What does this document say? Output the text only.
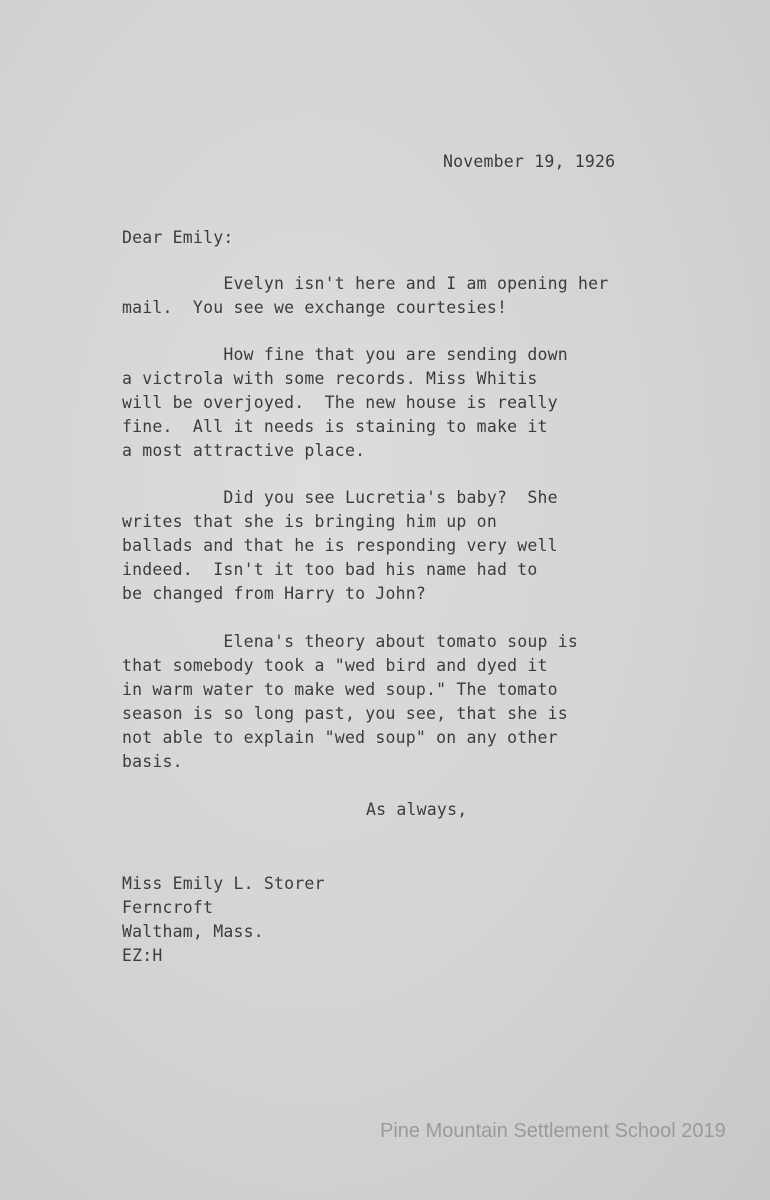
November 19, 1926
Dear Emily:
Evelyn isn't here and I am opening her
mail.  You see we exchange courtesies!
How fine that you are sending down
a victrola with some records. Miss Whitis
will be overjoyed.  The new house is really
fine.  All it needs is staining to make it
a most attractive place.
Did you see Lucretia's baby?  She
writes that she is bringing him up on
ballads and that he is responding very well
indeed.  Isn't it too bad his name had to
be changed from Harry to John?
Elena's theory about tomato soup is
that somebody took a "wed bird and dyed it
in warm water to make wed soup." The tomato
season is so long past, you see, that she is
not able to explain "wed soup" on any other
basis.
As always,
Miss Emily L. Storer
Ferncroft
Waltham, Mass.
EZ:H
Pine Mountain Settlement School 2019
